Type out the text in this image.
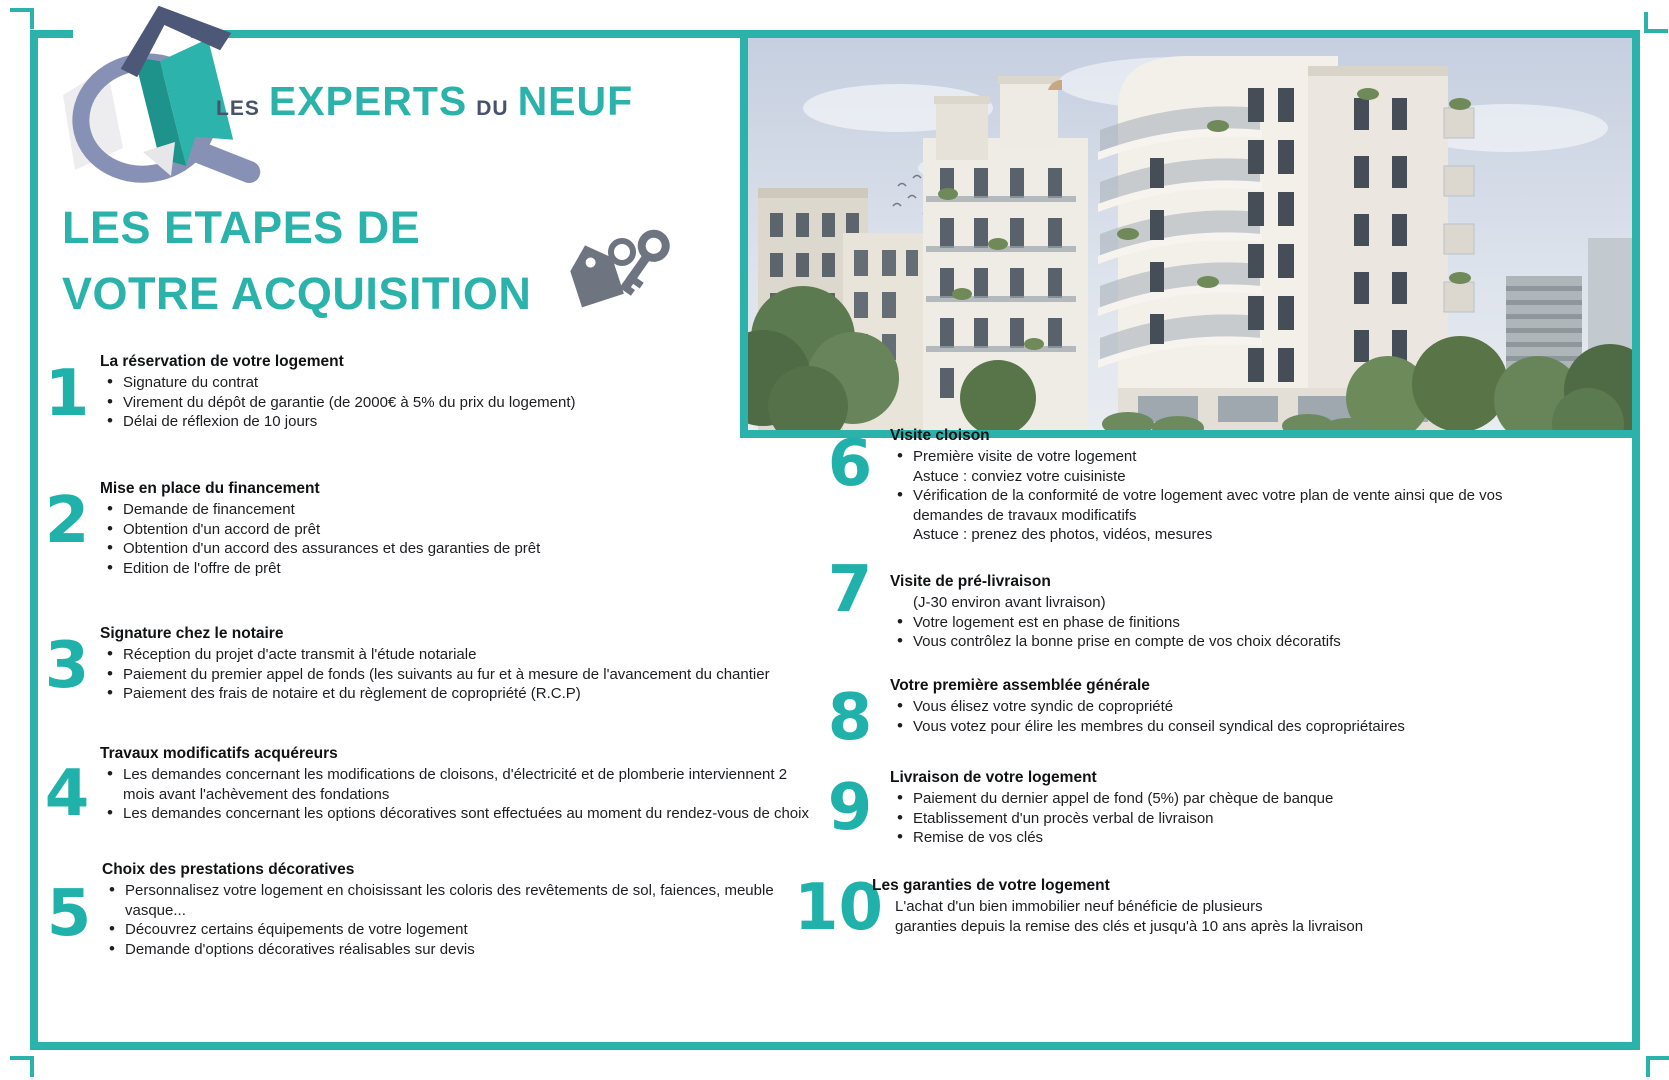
LES EXPERTS DU NEUF
LES ETAPES DE
VOTRE ACQUISITION
1 La réservation de votre logement
• Signature du contrat
• Virement du dépôt de garantie (de 2000€ à 5% du prix du logement)
• Délai de réflexion de 10 jours
2 Mise en place du financement
• Demande de financement
• Obtention d'un accord de prêt
• Obtention d'un accord des assurances et des garanties de prêt
• Edition de l'offre de prêt
3 Signature chez le notaire
• Réception du projet d'acte transmit à l'étude notariale
• Paiement du premier appel de fonds (les suivants au fur et à mesure de l'avancement du chantier
• Paiement des frais de notaire et du règlement de copropriété (R.C.P)
4
Travaux modificatifs acquéreurs
• Les demandes concernant les modifications de cloisons, d'électricité et de plomberie interviennent 2
mois avant l'achèvement des fondations
• Les demandes concernant les options décoratives sont effectuées au moment du rendez-vous de choix
5
Choix des prestations décoratives
• Personnalisez votre logement en choisissant les coloris des revêtements de sol, faiences, meuble
vasque...
• Découvrez certains équipements de votre logement
• Demande d'options décoratives réalisables sur devis
6	Visite cloison
• Première visite de votre logement
Astuce : conviez votre cuisiniste
• Vérification de la conformité de votre logement avec votre plan de vente ainsi que de vos
demandes de travaux modificatifs
Astuce : prenez des photos, vidéos, mesures
7	Visite de pré-livraison
(J-30 environ avant livraison)
• Votre logement est en phase de finitions
• Vous contrôlez la bonne prise en compte de vos choix décoratifs
8	Votre première assemblée générale
• Vous élisez votre syndic de copropriété
• Vous votez pour élire les membres du conseil syndical des copropriétaires
9	Livraison de votre logement
• Paiement du dernier appel de fond (5%) par chèque de banque
• Etablissement d'un procès verbal de livraison
• Remise de vos clés
10
Les garanties de votre logement
L'achat d'un bien immobilier neuf bénéficie de plusieurs
garanties depuis la remise des clés et jusqu'à 10 ans après la livraison
